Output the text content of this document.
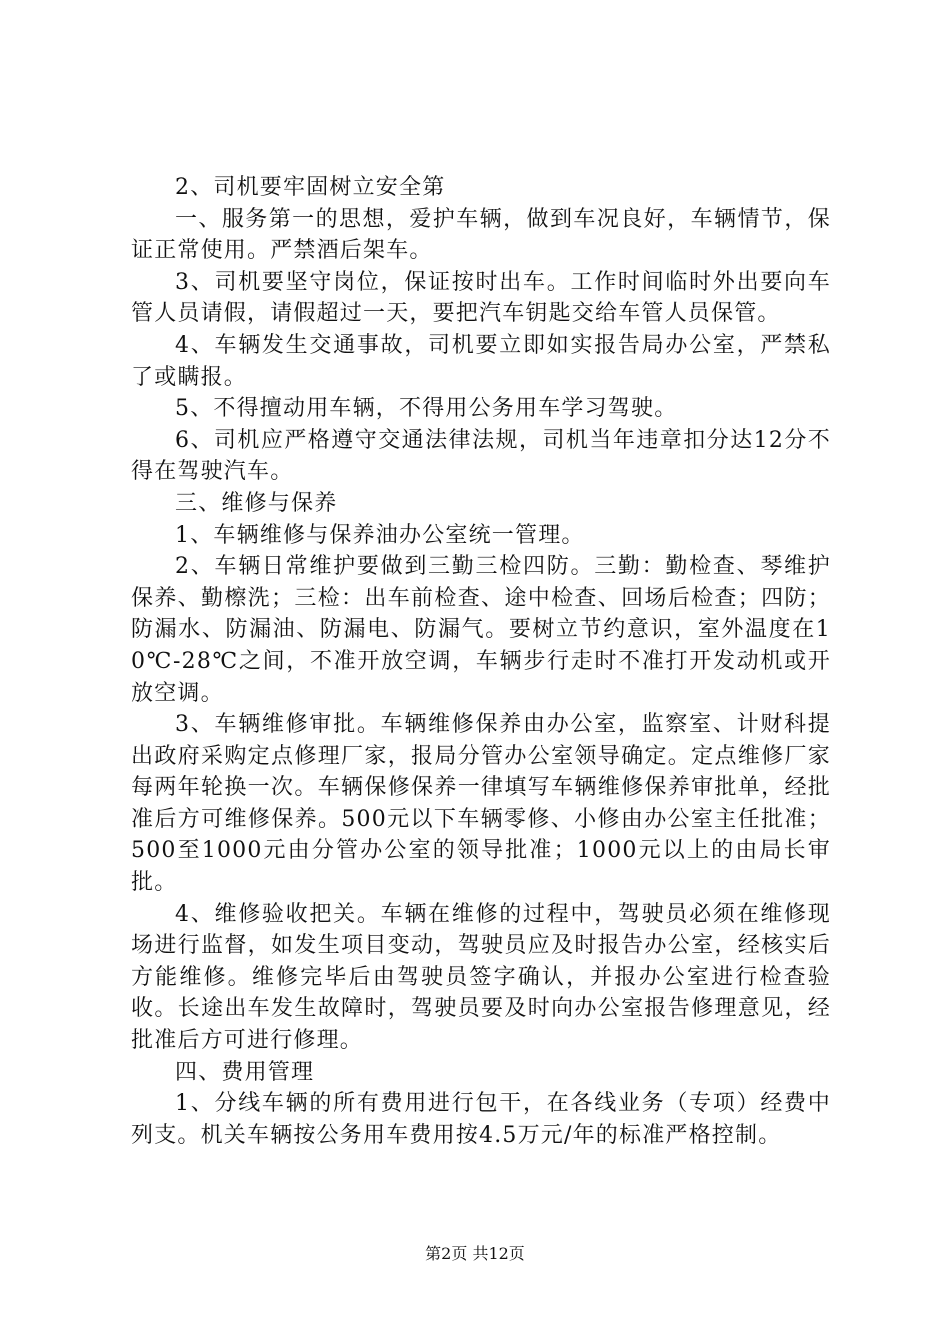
2、司机要牢固树立安全第

一、服务第一的思想，爱护车辆，做到车况良好，车辆情节，保证正常使用。严禁酒后架车。

3、司机要坚守岗位，保证按时出车。工作时间临时外出要向车管人员请假，请假超过一天，要把汽车钥匙交给车管人员保管。

4、车辆发生交通事故，司机要立即如实报告局办公室，严禁私了或瞒报。

5、不得擅动用车辆，不得用公务用车学习驾驶。

6、司机应严格遵守交通法律法规，司机当年违章扣分达12分不得在驾驶汽车。

三、维修与保养

1、车辆维修与保养油办公室统一管理。

2、车辆日常维护要做到三勤三检四防。三勤：勤检查、琴维护保养、勤檫洗；三检：出车前检查、途中检查、回场后检查；四防；防漏水、防漏油、防漏电、防漏气。要树立节约意识，室外温度在10℃-28℃之间，不准开放空调，车辆步行走时不准打开发动机或开放空调。

3、车辆维修审批。车辆维修保养由办公室，监察室、计财科提出政府采购定点修理厂家，报局分管办公室领导确定。定点维修厂家每两年轮换一次。车辆保修保养一律填写车辆维修保养审批单，经批准后方可维修保养。500元以下车辆零修、小修由办公室主任批准；500至1000元由分管办公室的领导批准；1000元以上的由局长审批。

4、维修验收把关。车辆在维修的过程中，驾驶员必须在维修现场进行监督，如发生项目变动，驾驶员应及时报告办公室，经核实后方能维修。维修完毕后由驾驶员签字确认，并报办公室进行检查验收。长途出车发生故障时，驾驶员要及时向办公室报告修理意见，经批准后方可进行修理。

四、费用管理

1、分线车辆的所有费用进行包干，在各线业务（专项）经费中列支。机关车辆按公务用车费用按4.5万元/年的标准严格控制。

第2页 共12页
